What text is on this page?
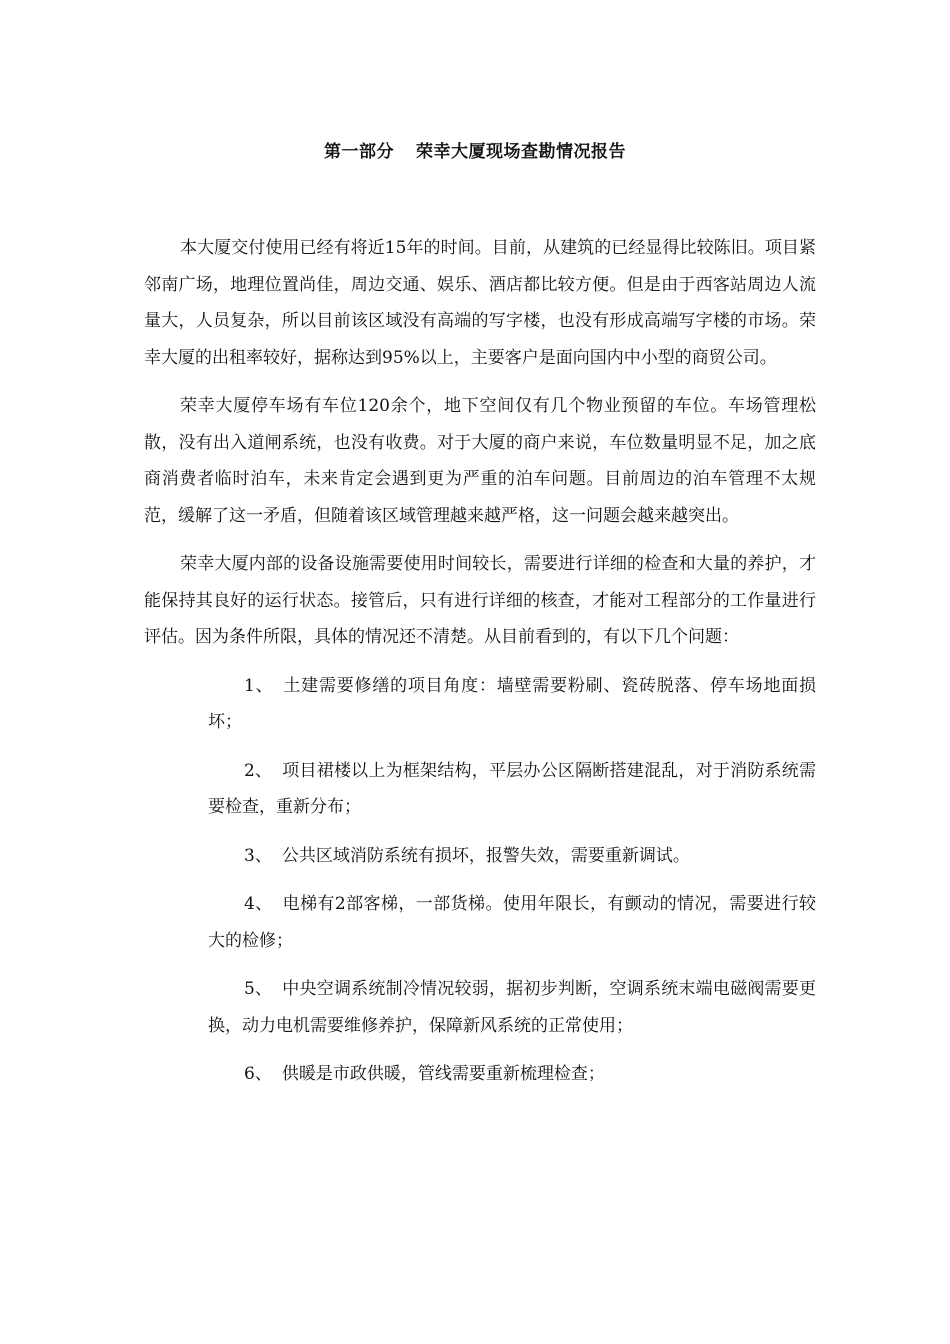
第一部分 荣幸大厦现场查勘情况报告

本大厦交付使用已经有将近15年的时间。目前，从建筑的已经显得比较陈旧。项目紧邻南广场，地理位置尚佳，周边交通、娱乐、酒店都比较方便。但是由于西客站周边人流量大，人员复杂，所以目前该区域没有高端的写字楼，也没有形成高端写字楼的市场。荣幸大厦的出租率较好，据称达到95%以上，主要客户是面向国内中小型的商贸公司。

荣幸大厦停车场有车位120余个，地下空间仅有几个物业预留的车位。车场管理松散，没有出入道闸系统，也没有收费。对于大厦的商户来说，车位数量明显不足，加之底商消费者临时泊车，未来肯定会遇到更为严重的泊车问题。目前周边的泊车管理不太规范，缓解了这一矛盾，但随着该区域管理越来越严格，这一问题会越来越突出。

荣幸大厦内部的设备设施需要使用时间较长，需要进行详细的检查和大量的养护，才能保持其良好的运行状态。接管后，只有进行详细的核查，才能对工程部分的工作量进行评估。因为条件所限，具体的情况还不清楚。从目前看到的，有以下几个问题：

1、 土建需要修缮的项目角度：墙壁需要粉刷、瓷砖脱落、停车场地面损坏；

2、 项目裙楼以上为框架结构，平层办公区隔断搭建混乱，对于消防系统需要检查，重新分布；

3、 公共区域消防系统有损坏，报警失效，需要重新调试。

4、 电梯有2部客梯，一部货梯。使用年限长，有颤动的情况，需要进行较大的检修；

5、 中央空调系统制冷情况较弱，据初步判断，空调系统末端电磁阀需要更换，动力电机需要维修养护，保障新风系统的正常使用；

6、 供暖是市政供暖，管线需要重新梳理检查；
